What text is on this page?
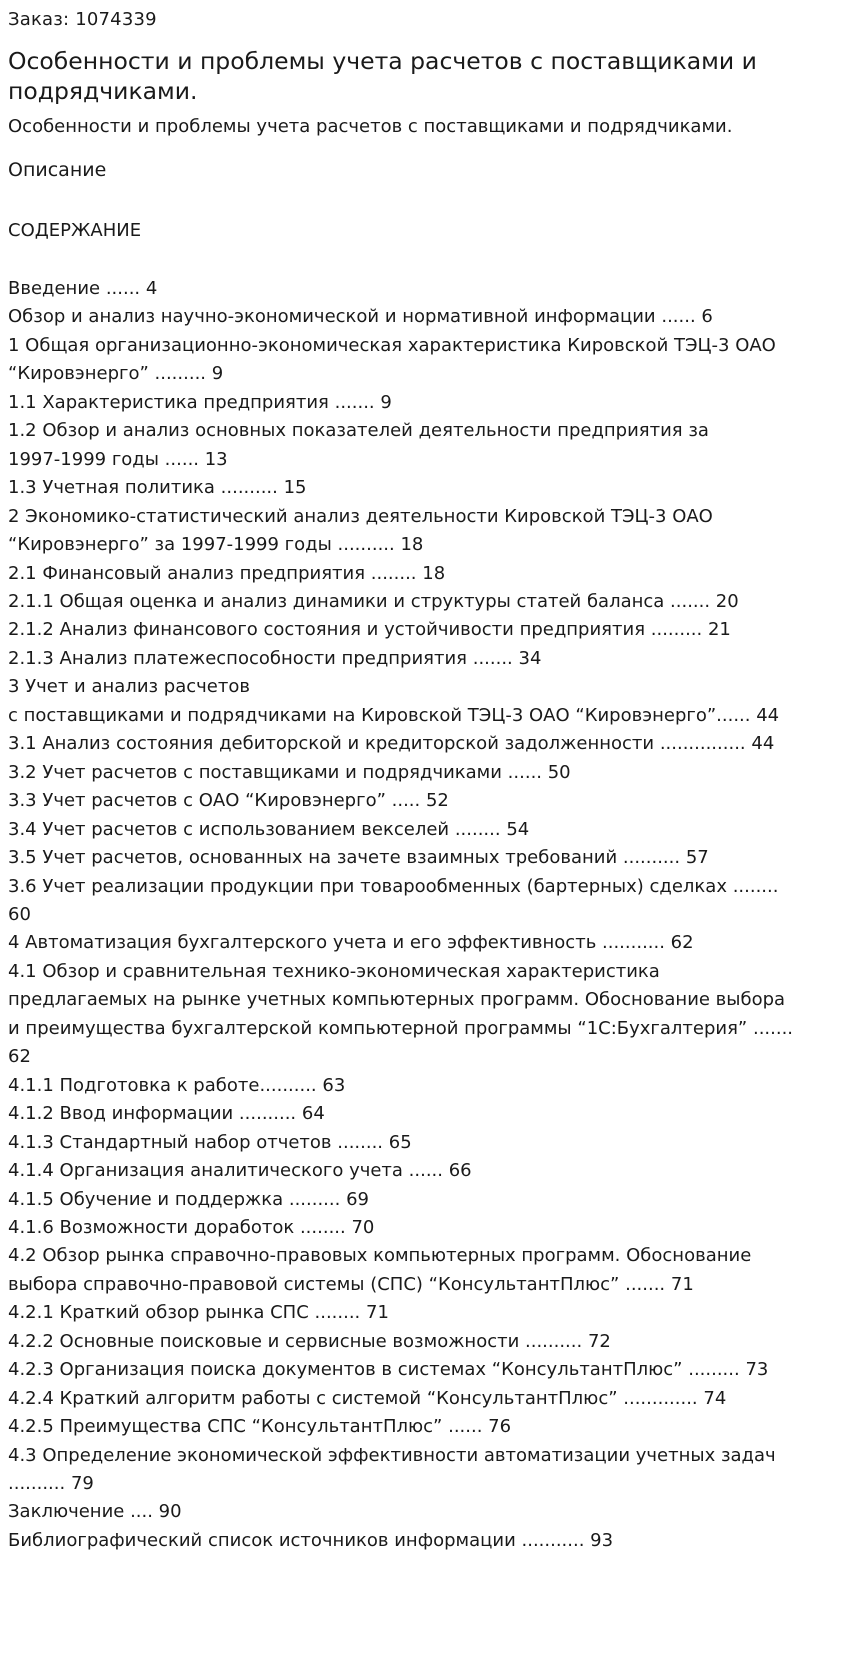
Заказ: 1074339
Особенности и проблемы учета расчетов с поставщиками и подрядчиками.
Особенности и проблемы учета расчетов с поставщиками и подрядчиками.
Описание
СОДЕРЖАНИЕ
Введение ...... 4
Обзор и анализ научно-экономической и нормативной информации ...... 6
1 Общая организационно-экономическая характеристика Кировской ТЭЦ-3 ОАО
“Кировэнерго” ......... 9
1.1 Характеристика предприятия ....... 9
1.2 Обзор и анализ основных показателей деятельности предприятия за
1997-1999 годы ...... 13
1.3 Учетная политика .......... 15
2 Экономико-статистический анализ деятельности Кировской ТЭЦ-3 ОАО
“Кировэнерго” за 1997-1999 годы .......... 18
2.1 Финансовый анализ предприятия ........ 18
2.1.1 Общая оценка и анализ динамики и структуры статей баланса ....... 20
2.1.2 Анализ финансового состояния и устойчивости предприятия ......... 21
2.1.3 Анализ платежеспособности предприятия ....... 34
3 Учет и анализ расчетов
с поставщиками и подрядчиками на Кировской ТЭЦ-3 ОАО “Кировэнерго”...... 44
3.1 Анализ состояния дебиторской и кредиторской задолженности ............... 44
3.2 Учет расчетов с поставщиками и подрядчиками ...... 50
3.3 Учет расчетов с ОАО “Кировэнерго” ..... 52
3.4 Учет расчетов с использованием векселей ........ 54
3.5 Учет расчетов, основанных на зачете взаимных требований .......... 57
3.6 Учет реализации продукции при товарообменных (бартерных) сделках ........
60
4 Автоматизация бухгалтерского учета и его эффективность ........... 62
4.1 Обзор и сравнительная технико-экономическая характеристика
предлагаемых на рынке учетных компьютерных программ. Обоснование выбора
и преимущества бухгалтерской компьютерной программы “1С:Бухгалтерия” .......
62
4.1.1 Подготовка к работе.......... 63
4.1.2 Ввод информации .......... 64
4.1.3 Стандартный набор отчетов ........ 65
4.1.4 Организация аналитического учета ...... 66
4.1.5 Обучение и поддержка ......... 69
4.1.6 Возможности доработок ........ 70
4.2 Обзор рынка справочно-правовых компьютерных программ. Обоснование
выбора справочно-правовой системы (СПС) “КонсультантПлюс” ....... 71
4.2.1 Краткий обзор рынка СПС ........ 71
4.2.2 Основные поисковые и сервисные возможности .......... 72
4.2.3 Организация поиска документов в системах “КонсультантПлюс” ......... 73
4.2.4 Краткий алгоритм работы с системой “КонсультантПлюс” ............. 74
4.2.5 Преимущества СПС “КонсультантПлюс” ...... 76
4.3 Определение экономической эффективности автоматизации учетных задач
.......... 79
Заключение .... 90
Библиографический список источников информации ........... 93
